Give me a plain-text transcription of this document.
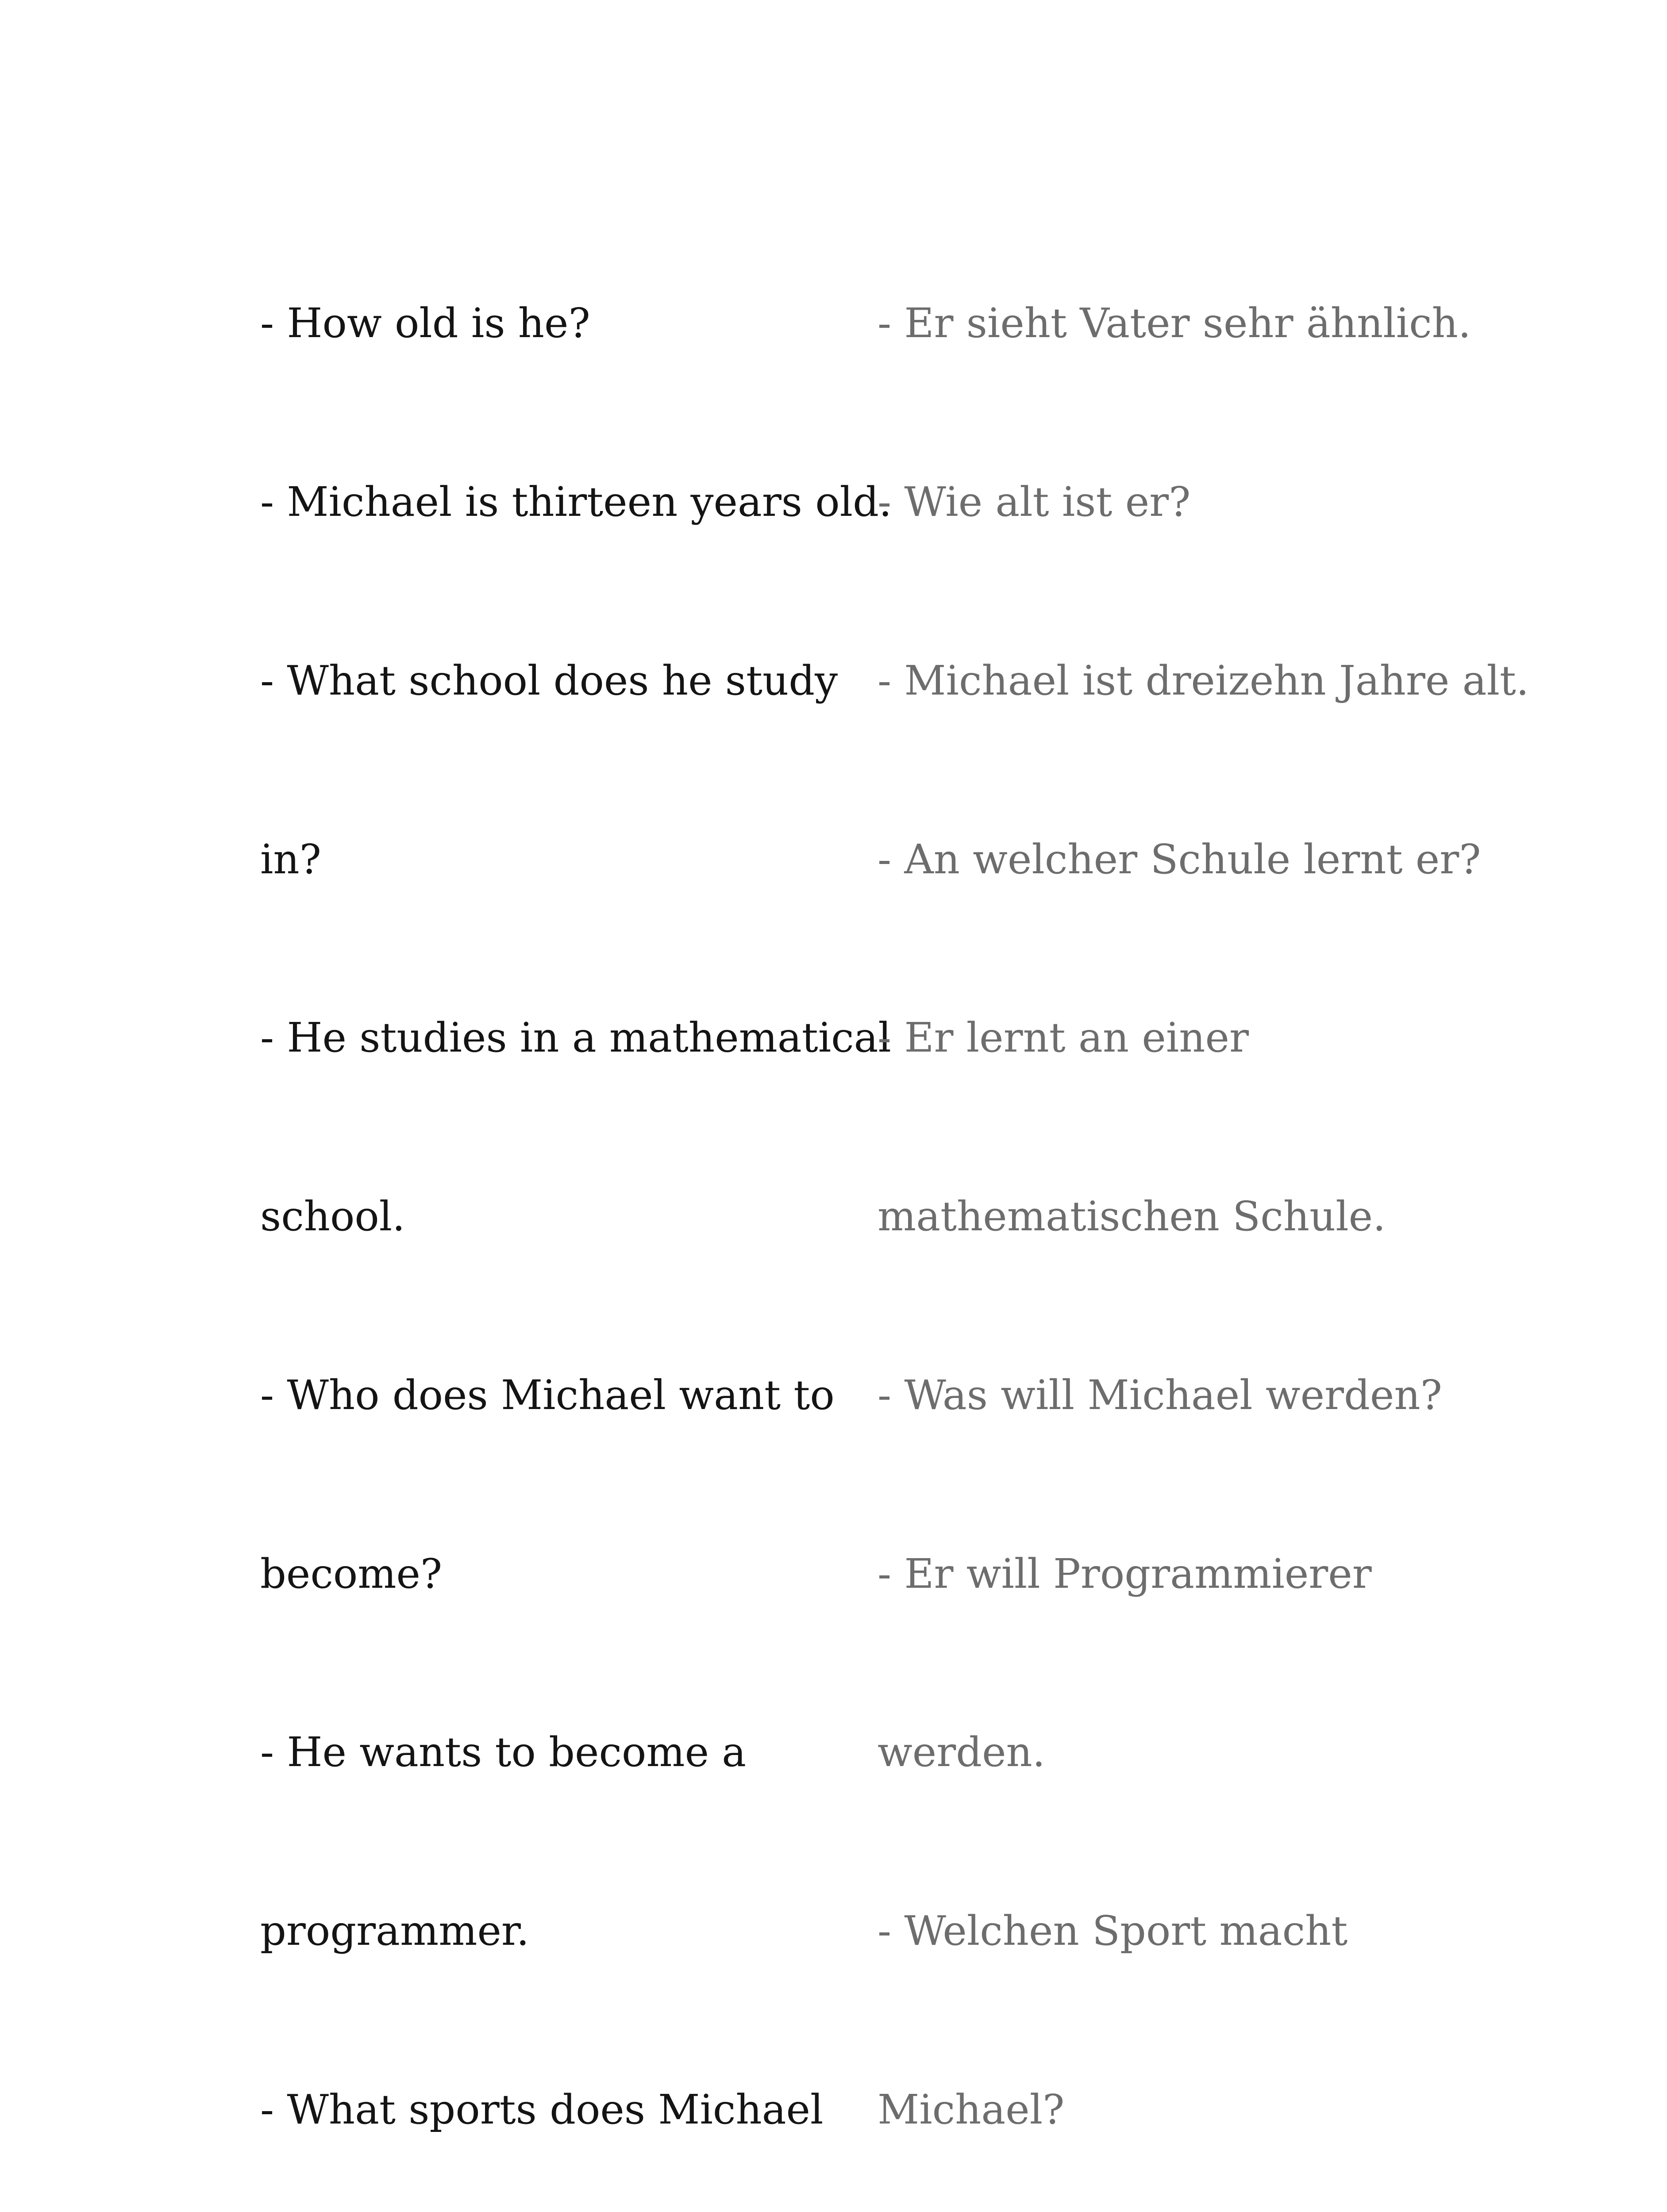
- How old is he?

- Michael is thirteen years old.

- What school does he study

in?

- He studies in a mathematical

school.

- Who does Michael want to

become?

- He wants to become a

programmer.

- What sports does Michael

- Er sieht Vater sehr ähnlich.

- Wie alt ist er?

- Michael ist dreizehn Jahre alt.

- An welcher Schule lernt er?

- Er lernt an einer

mathematischen Schule.

- Was will Michael werden?

- Er will Programmierer

werden.

- Welchen Sport macht

Michael?
